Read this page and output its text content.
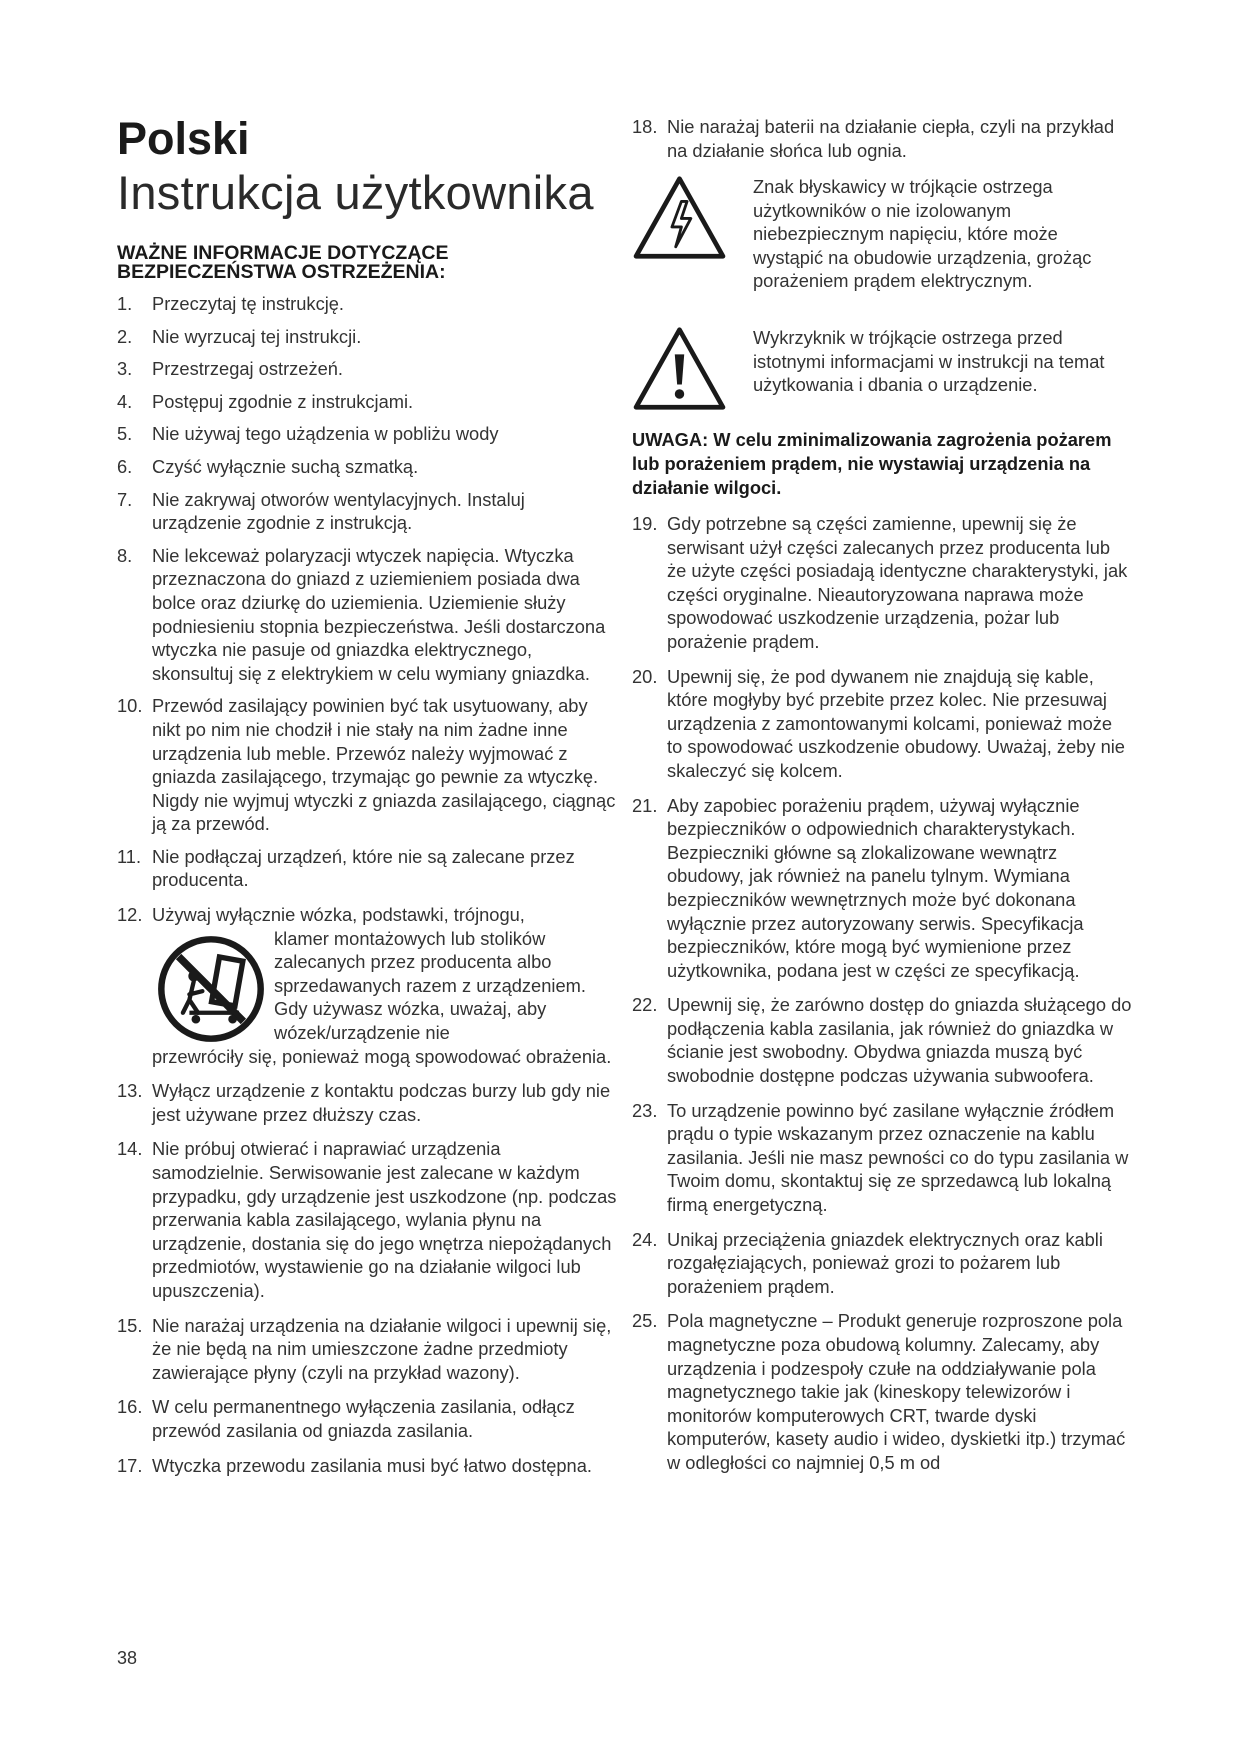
Polski
Instrukcja użytkownika
WAŻNE INFORMACJE DOTYCZĄCE
BEZPIECZEŃSTWA OSTRZEŻENIA:
1.	Przeczytaj tę instrukcję.
2.	Nie wyrzucaj tej instrukcji.
3.	Przestrzegaj ostrzeżeń.
4.	Postępuj zgodnie z instrukcjami.
5.	Nie używaj tego użądzenia w pobliżu wody
6.	Czyść wyłącznie suchą szmatką.
7.	Nie zakrywaj otworów wentylacyjnych. Instaluj urządzenie zgodnie z instrukcją.
8.	Nie lekceważ polaryzacji wtyczek napięcia. Wtyczka przeznaczona do gniazd z uziemieniem posiada dwa bolce oraz dziurkę do uziemienia. Uziemienie służy podniesieniu stopnia bezpieczeństwa. Jeśli dostarczona wtyczka nie pasuje od gniazdka elektrycznego, skonsultuj się z elektrykiem w celu wymiany gniazdka.
10. Przewód zasilający powinien być tak usytuowany, aby nikt po nim nie chodził i nie stały na nim żadne inne urządzenia lub meble. Przewóz należy wyjmować z gniazda zasilającego, trzymając go pewnie za wtyczkę. Nigdy nie wyjmuj wtyczki z gniazda zasilającego, ciągnąc ją za przewód.
11. Nie podłączaj urządzeń, które nie są zalecane przez producenta.
12. Używaj wyłącznie wózka, podstawki, trójnogu,
klamer montażowych lub stolików zalecanych przez producenta albo sprzedawanych razem z urządzeniem. Gdy używasz wózka, uważaj, aby wózek/urządzenie nie
przewróciły się, ponieważ mogą spowodować obrażenia.
13. Wyłącz urządzenie z kontaktu podczas burzy lub gdy nie jest używane przez dłuższy czas.
14. Nie próbuj otwierać i naprawiać urządzenia samodzielnie. Serwisowanie jest zalecane w każdym przypadku, gdy urządzenie jest uszkodzone (np. podczas przerwania kabla zasilającego, wylania płynu na urządzenie, dostania się do jego wnętrza niepożądanych przedmiotów, wystawienie go na działanie wilgoci lub upuszczenia).
15. Nie narażaj urządzenia na działanie wilgoci i upewnij się, że nie będą na nim umieszczone żadne przedmioty zawierające płyny (czyli na przykład wazony).
16. W celu permanentnego wyłączenia zasilania, odłącz przewód zasilania od gniazda zasilania.
17. Wtyczka przewodu zasilania musi być łatwo dostępna.
18. Nie narażaj baterii na działanie ciepła, czyli na przykład na działanie słońca lub ognia.
Znak błyskawicy w trójkącie ostrzega użytkowników o nie izolowanym niebezpiecznym napięciu, które może wystąpić na obudowie urządzenia, grożąc porażeniem prądem elektrycznym.
Wykrzyknik w trójkącie ostrzega przed istotnymi informacjami w instrukcji na temat użytkowania i dbania o urządzenie.
UWAGA: W celu zminimalizowania zagrożenia pożarem lub porażeniem prądem, nie wystawiaj urządzenia na działanie wilgoci.
19. Gdy potrzebne są części zamienne, upewnij się że serwisant użył części zalecanych przez producenta lub że użyte części posiadają identyczne charakterystyki, jak części oryginalne. Nieautoryzowana naprawa może spowodować uszkodzenie urządzenia, pożar lub porażenie prądem.
20. Upewnij się, że pod dywanem nie znajdują się kable, które mogłyby być przebite przez kolec. Nie przesuwaj urządzenia z zamontowanymi kolcami, ponieważ może to spowodować uszkodzenie obudowy. Uważaj, żeby nie skaleczyć się kolcem.
21. Aby zapobiec porażeniu prądem, używaj wyłącznie bezpieczników o odpowiednich charakterystykach. Bezpieczniki główne są zlokalizowane wewnątrz obudowy, jak również na panelu tylnym. Wymiana bezpieczników wewnętrznych może być dokonana wyłącznie przez autoryzowany serwis. Specyfikacja bezpieczników, które mogą być wymienione przez użytkownika, podana jest w części ze specyfikacją.
22. Upewnij się, że zarówno dostęp do gniazda służącego do podłączenia kabla zasilania, jak również do gniazdka w ścianie jest swobodny. Obydwa gniazda muszą być swobodnie dostępne podczas używania subwoofera.
23. To urządzenie powinno być zasilane wyłącznie źródłem prądu o typie wskazanym przez oznaczenie na kablu zasilania. Jeśli nie masz pewności co do typu zasilania w Twoim domu, skontaktuj się ze sprzedawcą lub lokalną firmą energetyczną.
24. Unikaj przeciążenia gniazdek elektrycznych oraz kabli rozgałęziających, ponieważ grozi to pożarem lub porażeniem prądem.
25. Pola magnetyczne – Produkt generuje rozproszone pola magnetyczne poza obudową kolumny. Zalecamy, aby urządzenia i podzespoły czułe na oddziaływanie pola magnetycznego takie jak (kineskopy telewizorów i monitorów komputerowych CRT, twarde dyski komputerów, kasety audio i wideo, dyskietki itp.) trzymać w odległości co najmniej 0,5 m od
38
